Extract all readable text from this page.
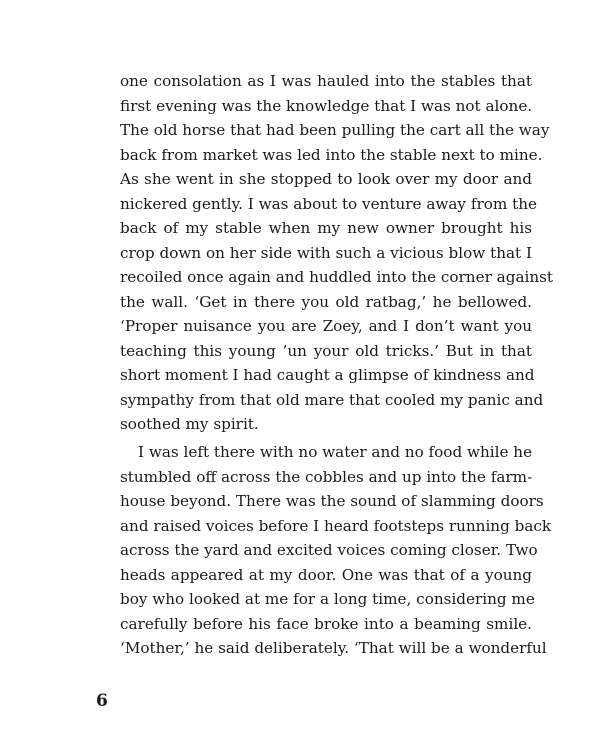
one consolation as I was hauled into the stables that
first evening was the knowledge that I was not alone.
The old horse that had been pulling the cart all the way
back from market was led into the stable next to mine.
As she went in she stopped to look over my door and
nickered gently. I was about to venture away from the
back of my stable when my new owner brought his
crop down on her side with such a vicious blow that I
recoiled once again and huddled into the corner against
the wall. ‘Get in there you old ratbag,’ he bellowed.
‘Proper nuisance you are Zoey, and I don’t want you
teaching this young ’un your old tricks.’ But in that
short moment I had caught a glimpse of kindness and
sympathy from that old mare that cooled my panic and
soothed my spirit.
I was left there with no water and no food while he
stumbled off across the cobbles and up into the farm-
house beyond. There was the sound of slamming doors
and raised voices before I heard footsteps running back
across the yard and excited voices coming closer. Two
heads appeared at my door. One was that of a young
boy who looked at me for a long time, considering me
carefully before his face broke into a beaming smile.
‘Mother,’ he said deliberately. ‘That will be a wonderful
6
